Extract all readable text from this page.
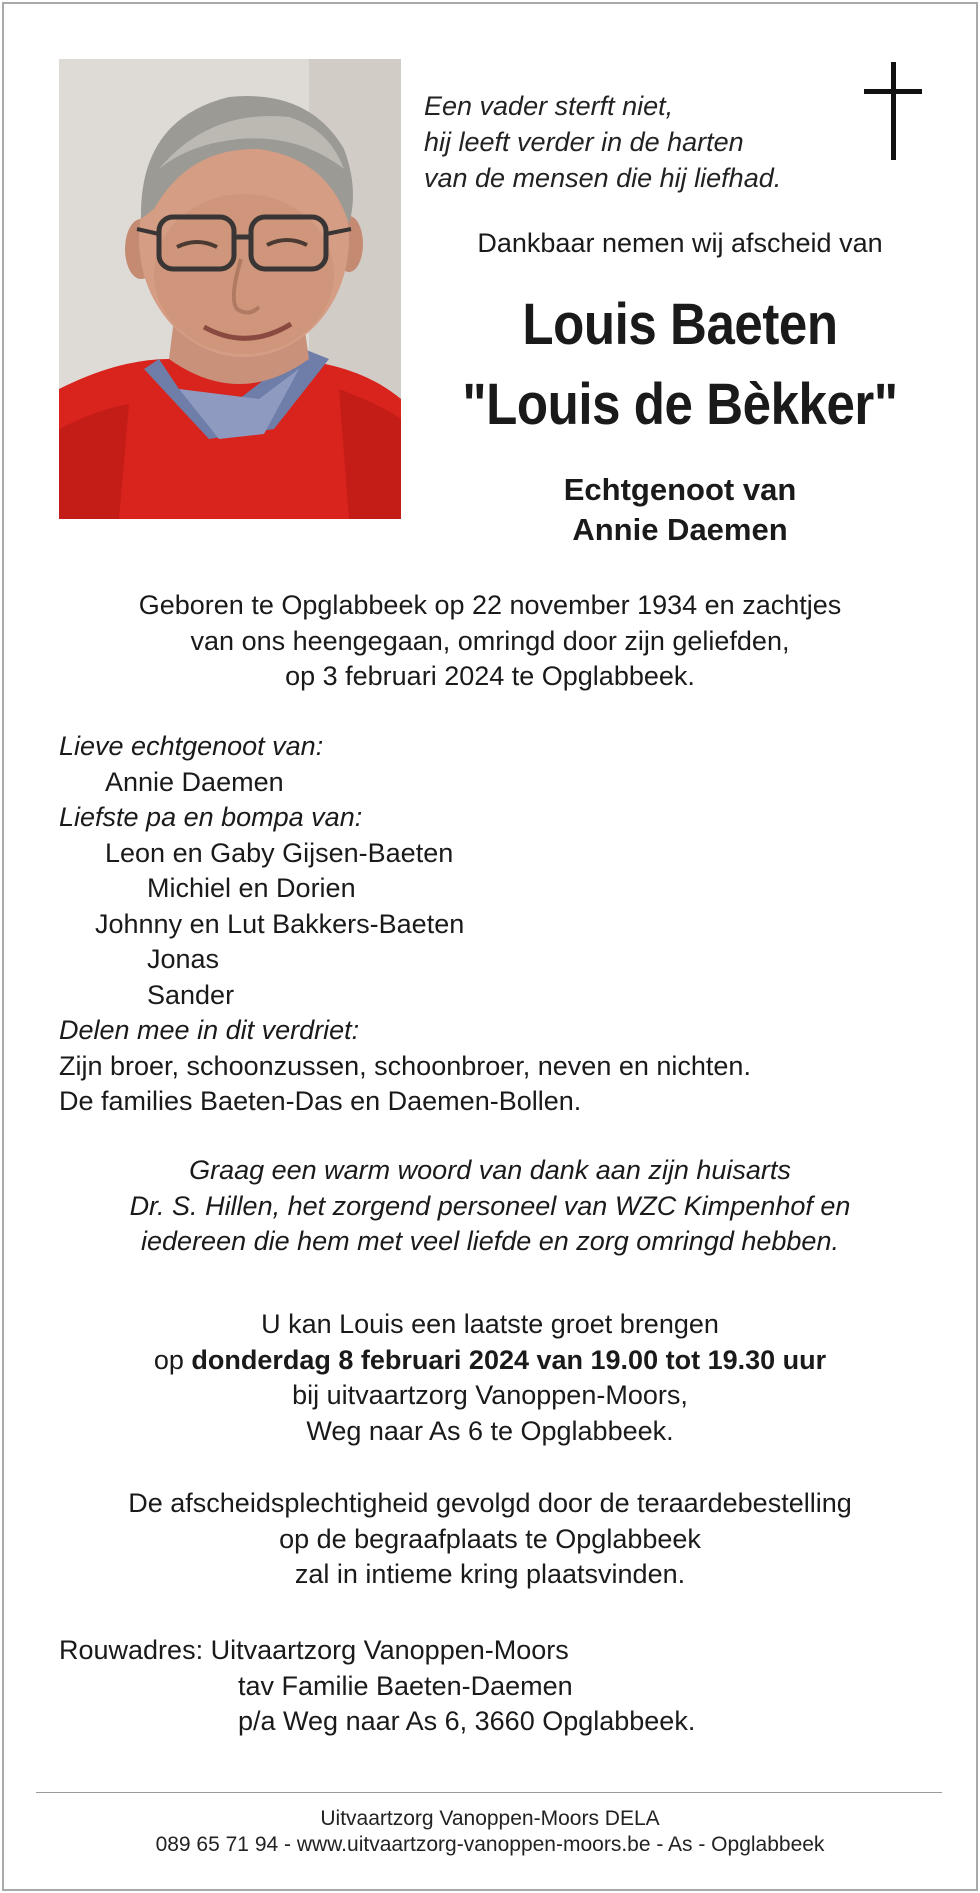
Een vader sterft niet,
hij leeft verder in de harten
van de mensen die hij liefhad.
Dankbaar nemen wij afscheid van
Louis Baeten
"Louis de Bèkker"
Echtgenoot van
Annie Daemen
Geboren te Opglabbeek op 22 november 1934 en zachtjes
van ons heengegaan, omringd door zijn geliefden,
op 3 februari 2024 te Opglabbeek.
Lieve echtgenoot van:
Annie Daemen
Liefste pa en bompa van:
Leon en Gaby Gijsen-Baeten
Michiel en Dorien
Johnny en Lut Bakkers-Baeten
Jonas
Sander
Delen mee in dit verdriet:
Zijn broer, schoonzussen, schoonbroer, neven en nichten.
De families Baeten-Das en Daemen-Bollen.
Graag een warm woord van dank aan zijn huisarts
Dr. S. Hillen, het zorgend personeel van WZC Kimpenhof en
iedereen die hem met veel liefde en zorg omringd hebben.
U kan Louis een laatste groet brengen
op donderdag 8 februari 2024 van 19.00 tot 19.30 uur
bij uitvaartzorg Vanoppen-Moors,
Weg naar As 6 te Opglabbeek.
De afscheidsplechtigheid gevolgd door de teraardebestelling
op de begraafplaats te Opglabbeek
zal in intieme kring plaatsvinden.
Rouwadres: Uitvaartzorg Vanoppen-Moors
tav Familie Baeten-Daemen
p/a Weg naar As 6, 3660 Opglabbeek.
Uitvaartzorg Vanoppen-Moors DELA
089 65 71 94 - www.uitvaartzorg-vanoppen-moors.be - As - Opglabbeek
